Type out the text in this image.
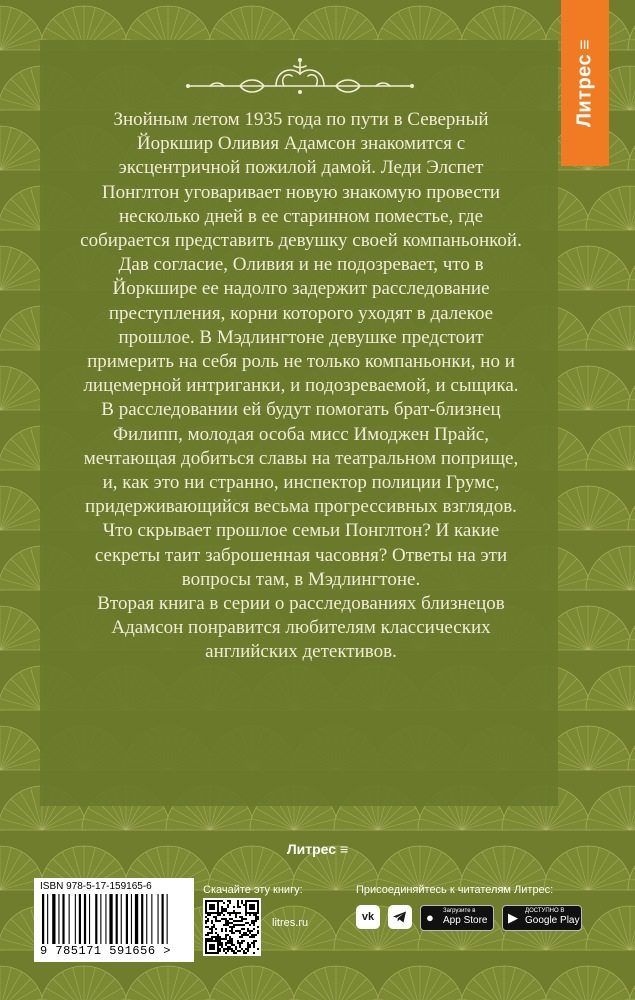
Литрес≡

Знойным летом 1935 года по пути в Северный Йоркшир Оливия Адамсон знакомится с эксцентричной пожилой дамой. Леди Элспет Понглтон уговаривает новую знакомую провести несколько дней в ее старинном поместье, где собирается представить девушку своей компаньонкой.

Дав согласие, Оливия и не подозревает, что в Йоркшире ее надолго задержит расследование преступления, корни которого уходят в далекое прошлое. В Мэдлингтоне девушке предстоит примерить на себя роль не только компаньонки, но и лицемерной интриганки, и подозреваемой, и сыщика. В расследовании ей будут помогать брат-близнец Филипп, молодая особа мисс Имоджен Прайс, мечтающая добиться славы на театральном поприще, и, как это ни странно, инспектор полиции Грумс, придерживающийся весьма прогрессивных взглядов.

Что скрывает прошлое семьи Понглтон? И какие секреты таит заброшенная часовня? Ответы на эти вопросы там, в Мэдлингтоне.

Вторая книга в серии о расследованиях близнецов Адамсон понравится любителям классических английских детективов.

Литрес ≡
ISBN 978-5-17-159165-6
9 785171 591656 >
Скачайте эту книгу:
litres.ru
Присоединяйтесь к читателям Литрес:
vk	● Загрузите в
App Store ▶ ДОСТУПНО В
Google Play
